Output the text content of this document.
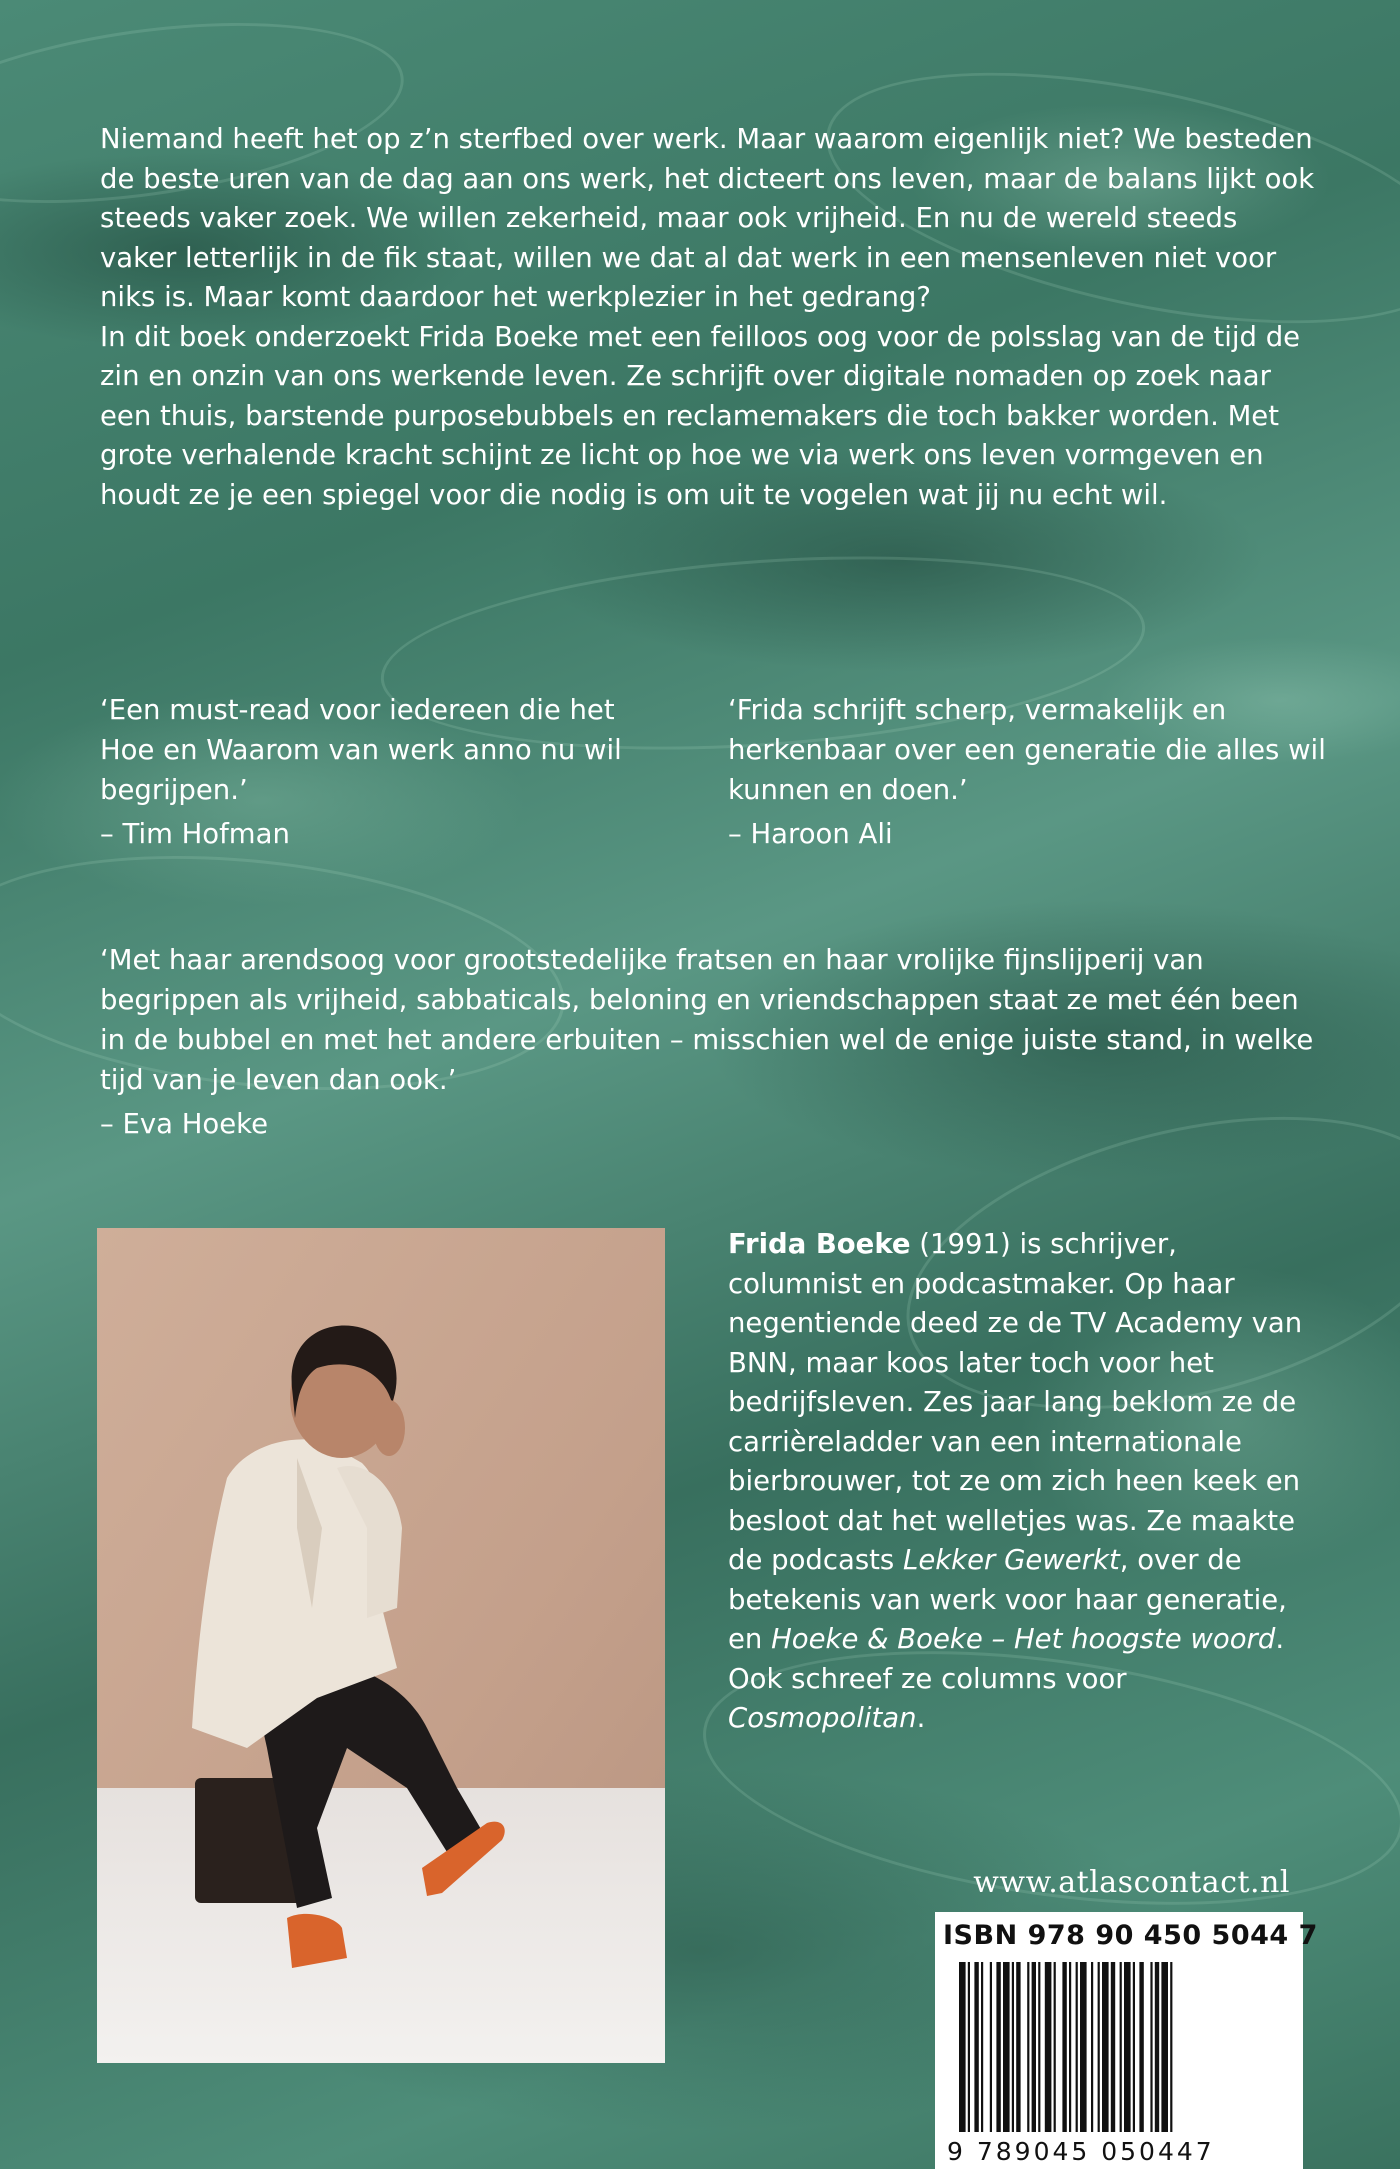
Niemand heeft het op z’n sterfbed over werk. Maar waarom eigenlijk niet? We besteden de beste uren van de dag aan ons werk, het dicteert ons leven, maar de balans lijkt ook steeds vaker zoek. We willen zekerheid, maar ook vrijheid. En nu de wereld steeds vaker letterlijk in de fik staat, willen we dat al dat werk in een mensenleven niet voor niks is. Maar komt daardoor het werkplezier in het gedrang?

In dit boek onderzoekt Frida Boeke met een feilloos oog voor de polsslag van de tijd de zin en onzin van ons werkende leven. Ze schrijft over digitale nomaden op zoek naar een thuis, barstende purposebubbels en reclamemakers die toch bakker worden. Met grote verhalende kracht schijnt ze licht op hoe we via werk ons leven vormgeven en houdt ze je een spiegel voor die nodig is om uit te vogelen wat jij nu echt wil.

‘Een must-read voor iedereen die het Hoe en Waarom van werk anno nu wil begrijpen.’
– Tim Hofman
‘Frida schrijft scherp, vermakelijk en herkenbaar over een generatie die alles wil kunnen en doen.’
– Haroon Ali
‘Met haar arendsoog voor grootstedelijke fratsen en haar vrolijke fijnslijperij van begrippen als vrijheid, sabbaticals, beloning en vriendschappen staat ze met één been in de bubbel en met het andere erbuiten – misschien wel de enige juiste stand, in welke tijd van je leven dan ook.’
– Eva Hoeke
Frida Boeke (1991) is schrijver, columnist en podcastmaker. Op haar negentiende deed ze de TV Academy van BNN, maar koos later toch voor het bedrijfsleven. Zes jaar lang beklom ze de carrièreladder van een internationale bierbrouwer, tot ze om zich heen keek en besloot dat het welletjes was. Ze maakte de podcasts Lekker Gewerkt, over de betekenis van werk voor haar generatie, en Hoeke & Boeke – Het hoogste woord. Ook schreef ze columns voor Cosmopolitan.
www.atlascontact.nl
ISBN 978 90 450 5044 7
9 789045 050447
